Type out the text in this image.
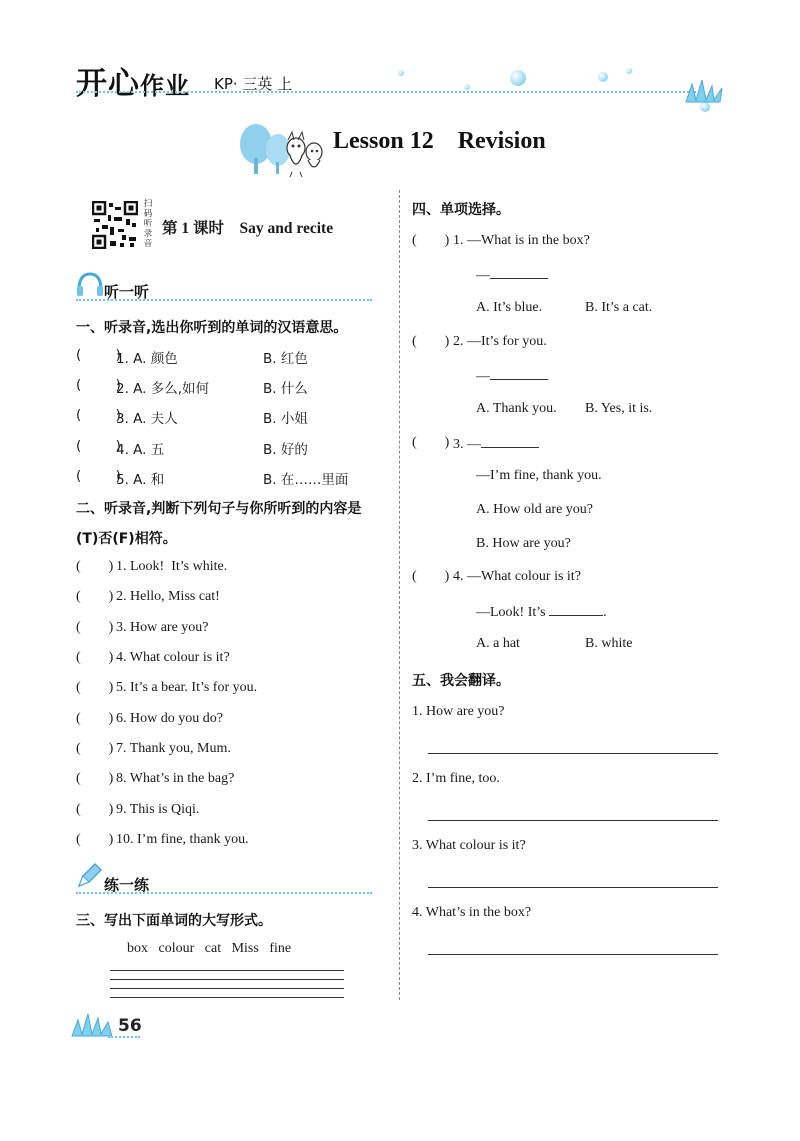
开心作业 KP· 三英 上
Lesson 12    Revision
扫
码
听
录
音
第 1 课时 Say and recite
听一听
一、听录音,选出你听到的单词的汉语意思。
(        )
1. A. 颜色	B. 红色
(        )
2. A. 多么,如何	B. 什么
(        )
3. A. 夫人	B. 小姐
(        )
4. A. 五	B. 好的
(        )
5. A. 和	B. 在……里面
二、听录音,判断下列句子与你所听到的内容是
(T)否(F)相符。
(        ) 1. Look!  It’s white.
(        ) 2. Hello, Miss cat!
(        ) 3. How are you?
(        ) 4. What colour is it?
(        ) 5. It’s a bear. It’s for you.
(        ) 6. How do you do?
(        ) 7. Thank you, Mum.
(        ) 8. What’s in the bag?
(        ) 9. This is Qiqi.
(        ) 10. I’m fine, thank you.
练一练
三、写出下面单词的大写形式。
box   colour   cat   Miss   fine
四、单项选择。
(        ) 1. —What is in the box?
—
A. It’s blue.	B. It’s a cat.
(        ) 2. —It’s for you.
—
A. Thank you. B. Yes, it is.
(        ) 3. —
—I’m fine, thank you.
A. How old are you?
B. How are you?
(        ) 4. —What colour is it?
—Look! It’s	.
A. a hat	B. white
五、我会翻译。
1. How are you?
2. I’m fine, too.
3. What colour is it?
4. What’s in the box?
56
